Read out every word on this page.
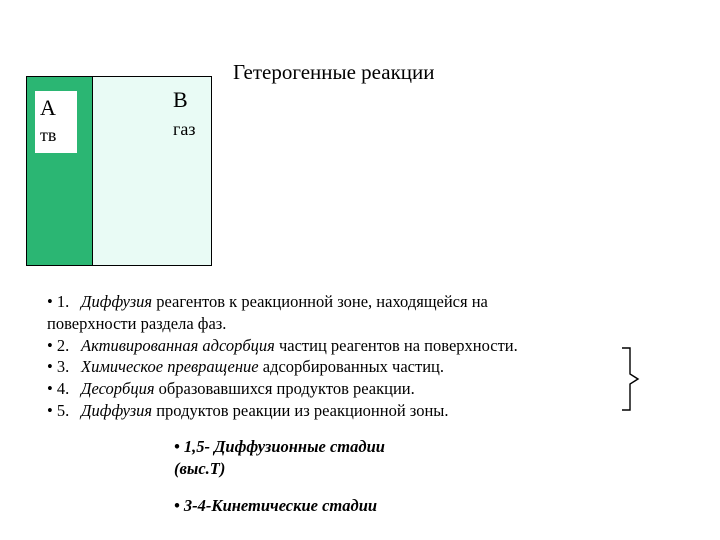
Гетерогенные реакции
А
тв
В
газ
• 1. Диффузия реагентов к реакционной зоне, находящейся на
поверхности раздела фаз.
• 2. Активированная адсорбция частиц реагентов на поверхности.
• 3. Химическое превращение адсорбированных частиц.
• 4. Десорбция образовавшихся продуктов реакции.
• 5. Диффузия продуктов реакции из реакционной зоны.
• 1,5- Диффузионные стадии
(выс.Т)
• 3-4-Кинетические стадии
